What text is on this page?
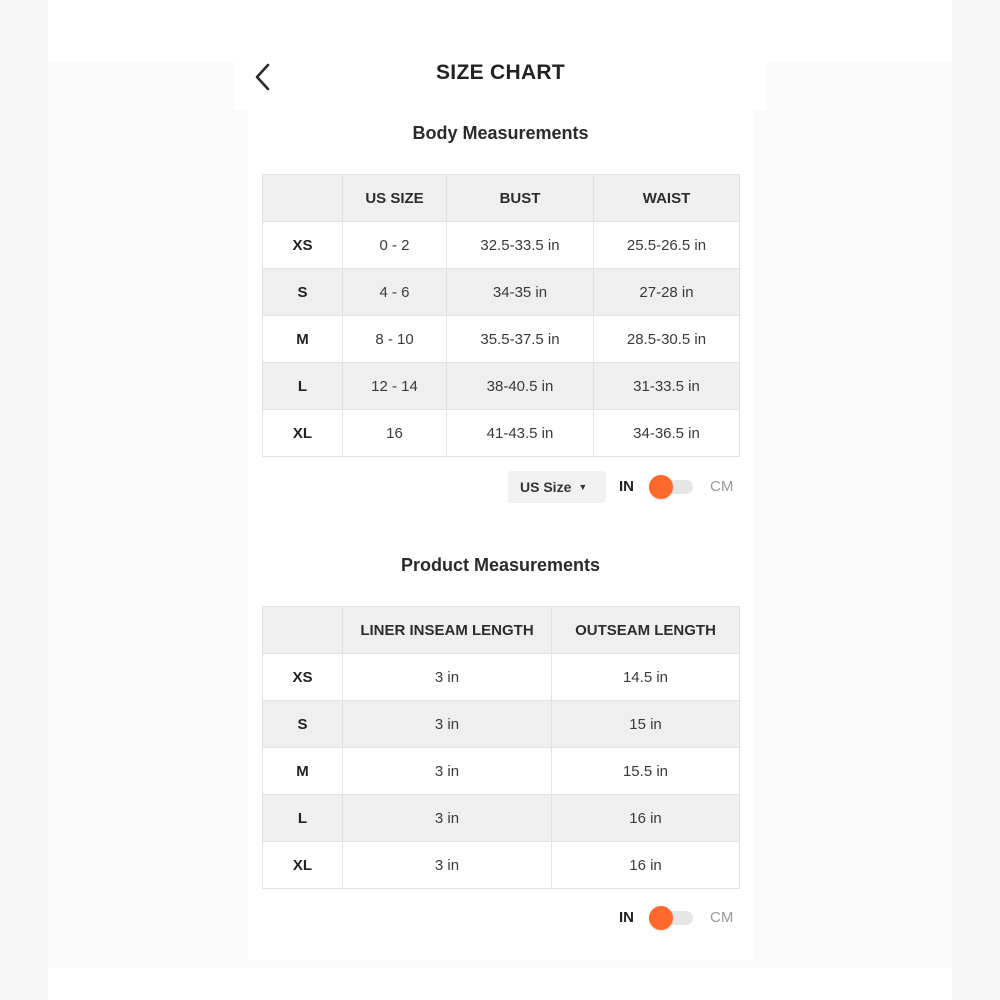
SIZE CHART
Body Measurements
	US SIZE	BUST	WAIST
XS	0 - 2	32.5-33.5 in	25.5-26.5 in
S	4 - 6	34-35 in	27-28 in
M	8 - 10	35.5-37.5 in	28.5-30.5 in
L	12 - 14	38-40.5 in	31-33.5 in
XL	16	41-43.5 in	34-36.5 in
US Size ▼ IN	CM
Product Measurements
	LINER INSEAM LENGTH	OUTSEAM LENGTH
XS	3 in	14.5 in
S	3 in	15 in
M	3 in	15.5 in
L	3 in	16 in
XL	3 in	16 in
IN	CM
